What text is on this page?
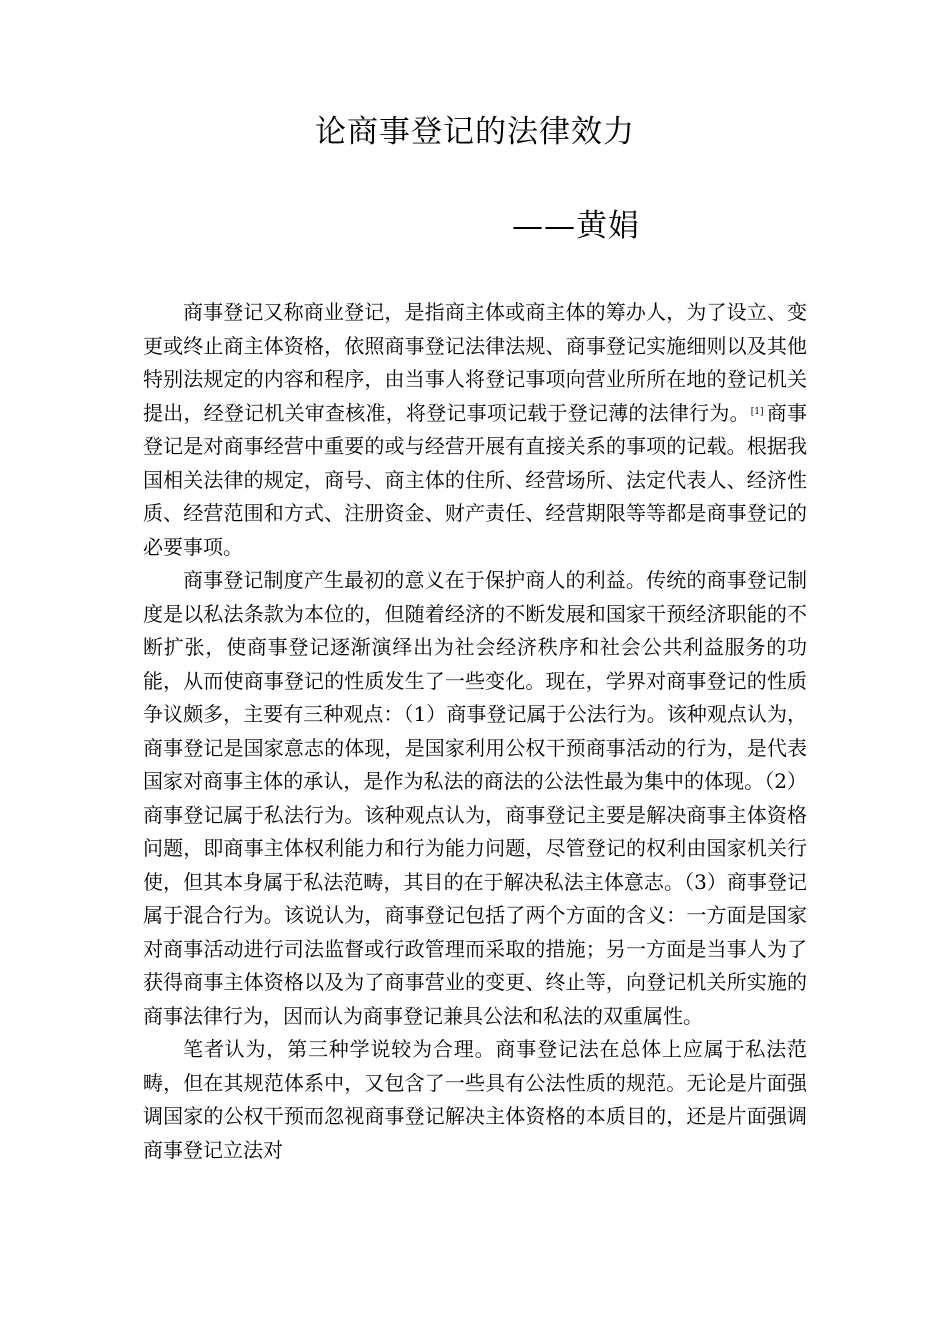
论商事登记的法律效力
——黄娟

商事登记又称商业登记，是指商主体或商主体的筹办人，为了设立、变更或终止商主体资格，依照商事登记法律法规、商事登记实施细则以及其他特别法规定的内容和程序，由当事人将登记事项向营业所所在地的登记机关提出，经登记机关审查核准，将登记事项记载于登记薄的法律行为。[1] 商事登记是对商事经营中重要的或与经营开展有直接关系的事项的记载。根据我国相关法律的规定，商号、商主体的住所、经营场所、法定代表人、经济性质、经营范围和方式、注册资金、财产责任、经营期限等等都是商事登记的必要事项。

商事登记制度产生最初的意义在于保护商人的利益。传统的商事登记制度是以私法条款为本位的，但随着经济的不断发展和国家干预经济职能的不断扩张，使商事登记逐渐演绎出为社会经济秩序和社会公共利益服务的功能，从而使商事登记的性质发生了一些变化。现在，学界对商事登记的性质争议颇多，主要有三种观点：（1）商事登记属于公法行为。该种观点认为，商事登记是国家意志的体现，是国家利用公权干预商事活动的行为，是代表国家对商事主体的承认，是作为私法的商法的公法性最为集中的体现。（2）商事登记属于私法行为。该种观点认为，商事登记主要是解决商事主体资格问题，即商事主体权利能力和行为能力问题，尽管登记的权利由国家机关行使，但其本身属于私法范畴，其目的在于解决私法主体意志。（3）商事登记属于混合行为。该说认为，商事登记包括了两个方面的含义：一方面是国家对商事活动进行司法监督或行政管理而采取的措施；另一方面是当事人为了获得商事主体资格以及为了商事营业的变更、终止等，向登记机关所实施的商事法律行为，因而认为商事登记兼具公法和私法的双重属性。

笔者认为，第三种学说较为合理。商事登记法在总体上应属于私法范畴，但在其规范体系中，又包含了一些具有公法性质的规范。无论是片面强调国家的公权干预而忽视商事登记解决主体资格的本质目的，还是片面强调商事登记立法对
